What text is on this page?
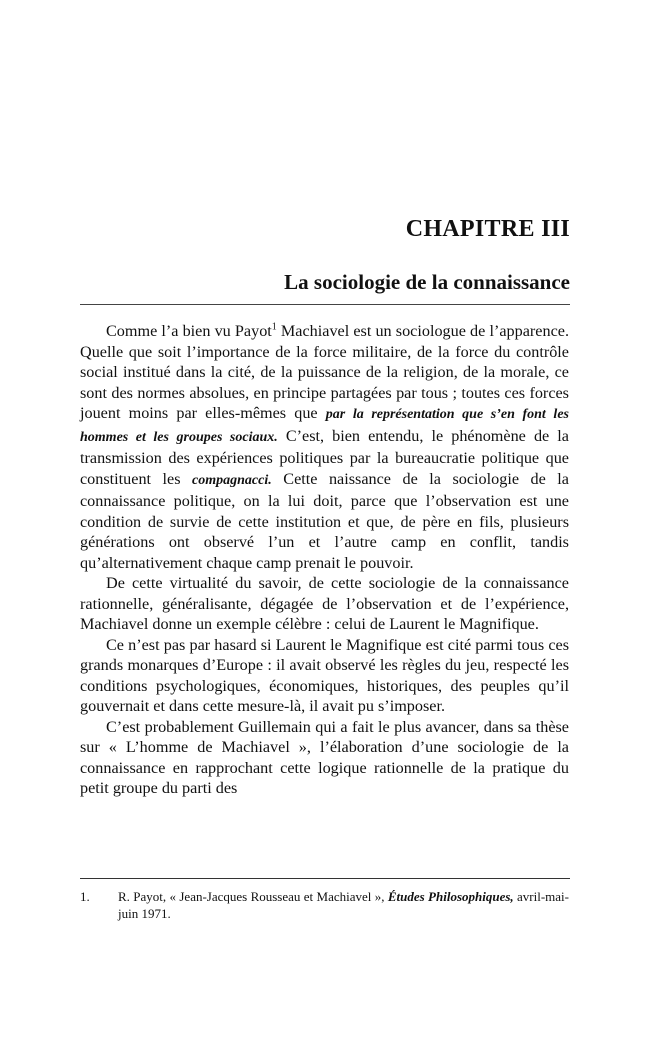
CHAPITRE III
La sociologie de la connaissance

Comme l’a bien vu Payot$^1$ Machiavel est un sociologue de l’apparence. Quelle que soit l’importance de la force militaire, de la force du contrôle social institué dans la cité, de la puissance de la religion, de la morale, ce sont des normes absolues, en principe partagées par tous ; toutes ces forces jouent moins par elles-mêmes que par la représentation que s’en font les hommes et les groupes sociaux. C’est, bien entendu, le phénomène de la transmission des expériences politiques par la bureaucratie politique que constituent les compagnacci. Cette naissance de la sociologie de la connaissance politique, on la lui doit, parce que l’observation est une condition de survie de cette institution et que, de père en fils, plusieurs générations ont observé l’un et l’autre camp en conflit, tandis qu’alternativement chaque camp prenait le pouvoir.

De cette virtualité du savoir, de cette sociologie de la connaissance rationnelle, généralisante, dégagée de l’observation et de l’expérience, Machiavel donne un exemple célèbre : celui de Laurent le Magnifique.

Ce n’est pas par hasard si Laurent le Magnifique est cité parmi tous ces grands monarques d’Europe : il avait observé les règles du jeu, respecté les conditions psychologiques, économiques, historiques, des peuples qu’il gouvernait et dans cette mesure-là, il avait pu s’imposer.

C’est probablement Guillemain qui a fait le plus avancer, dans sa thèse sur « L’homme de Machiavel », l’élaboration d’une sociologie de la connaissance en rapprochant cette logique rationnelle de la pratique du petit groupe du parti des

1.	R. Payot, « Jean-Jacques Rousseau et Machiavel », Études Philosophiques, avril-mai-juin 1971.
